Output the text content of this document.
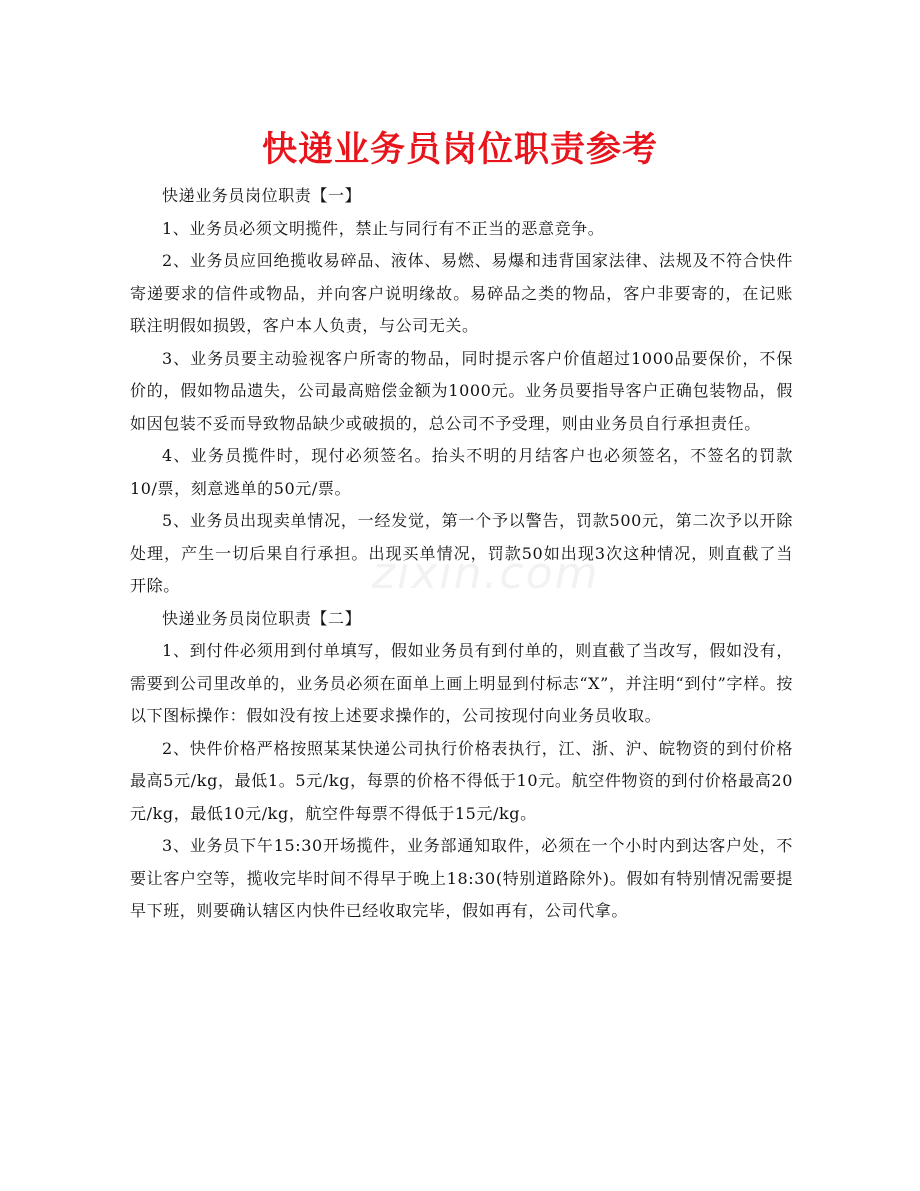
zixin.com
快递业务员岗位职责参考

快递业务员岗位职责【一】

1、业务员必须文明揽件，禁止与同行有不正当的恶意竞争。

2、业务员应回绝揽收易碎品、液体、易燃、易爆和违背国家法律、法规及不符合快件寄递要求的信件或物品，并向客户说明缘故。易碎品之类的物品，客户非要寄的，在记账联注明假如损毁，客户本人负责，与公司无关。

3、业务员要主动验视客户所寄的物品，同时提示客户价值超过1000品要保价，不保价的，假如物品遗失，公司最高赔偿金额为1000元。业务员要指导客户正确包装物品，假如因包装不妥而导致物品缺少或破损的，总公司不予受理，则由业务员自行承担责任。

4、业务员揽件时，现付必须签名。抬头不明的月结客户也必须签名，不签名的罚款10/票，刻意逃单的50元/票。

5、业务员出现卖单情况，一经发觉，第一个予以警告，罚款500元，第二次予以开除处理，产生一切后果自行承担。出现买单情况，罚款50如出现3次这种情况，则直截了当开除。

快递业务员岗位职责【二】

1、到付件必须用到付单填写，假如业务员有到付单的，则直截了当改写，假如没有，需要到公司里改单的，业务员必须在面单上画上明显到付标志“X”，并注明“到付”字样。按以下图标操作：假如没有按上述要求操作的，公司按现付向业务员收取。

2、快件价格严格按照某某快递公司执行价格表执行，江、浙、沪、皖物资的到付价格最高5元/kg，最低1。5元/kg，每票的价格不得低于10元。航空件物资的到付价格最高20元/kg，最低10元/kg，航空件每票不得低于15元/kg。

3、业务员下午15:30开场揽件，业务部通知取件，必须在一个小时内到达客户处，不要让客户空等，揽收完毕时间不得早于晚上18:30(特别道路除外)。假如有特别情况需要提早下班，则要确认辖区内快件已经收取完毕，假如再有，公司代拿。
